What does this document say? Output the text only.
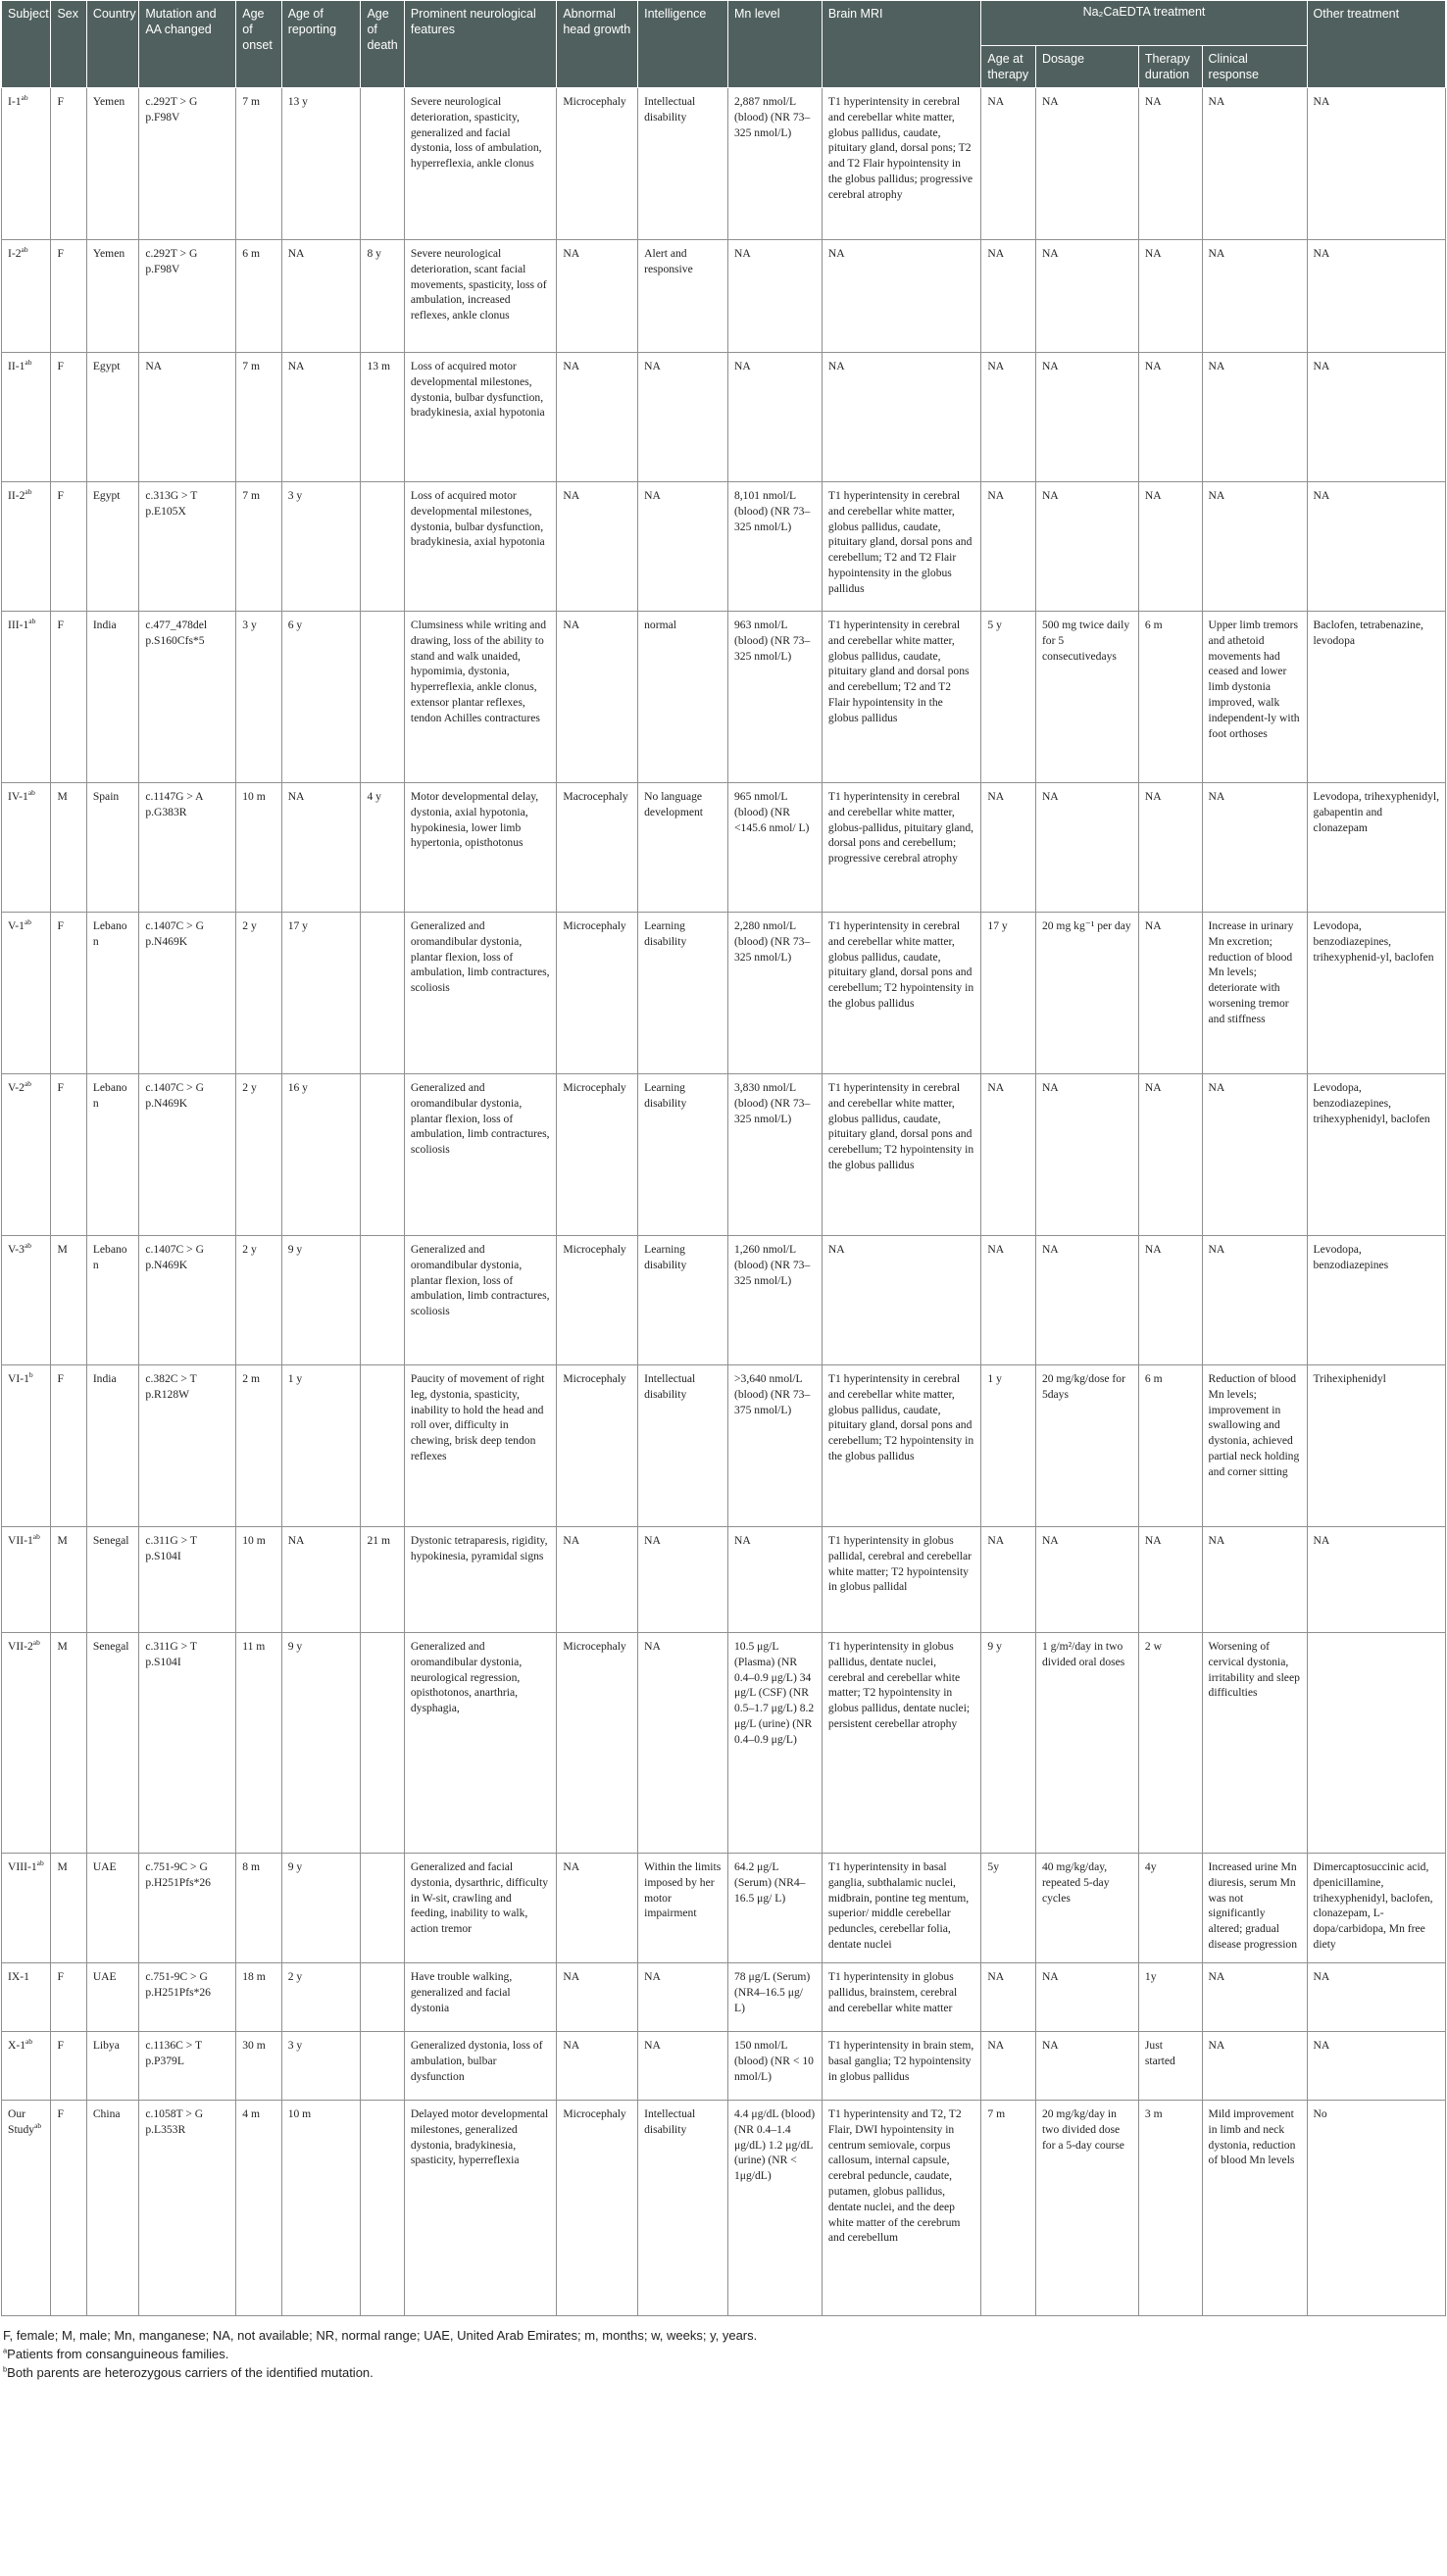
Subject	Sex	Country	Mutation and AA changed	Age of onset	Age of reporting	Age of death	Prominent neurological features	Abnormal head growth	Intelligence	Mn level	Brain MRI	Na₂CaEDTA treatment				Other treatment
												Age at therapy	Dosage	Therapy duration	Clinical response	
$I-1^{ab}$	F	Yemen	c.292T > G
p.F98V	7 m	13 y		Severe neurological deterioration, spasticity, generalized and facial dystonia, loss of ambulation, hyperreflexia, ankle clonus	Microcephaly	Intellectual disability	2,887 nmol/L (blood) (NR 73–325 nmol/L)	T1 hyperintensity in cerebral and cerebellar white matter, globus pallidus, caudate, pituitary gland, dorsal pons; T2 and T2 Flair hypointensity in the globus pallidus; progressive cerebral atrophy	NA	NA	NA	NA	NA
$I-2^{ab}$	F	Yemen	c.292T > G
p.F98V	6 m	NA	8 y	Severe neurological deterioration, scant facial movements, spasticity, loss of ambulation, increased reflexes, ankle clonus	NA	Alert and responsive	NA	NA	NA	NA	NA	NA	NA
$II-1^{ab}$	F	Egypt	NA	7 m	NA	13 m	Loss of acquired motor developmental milestones, dystonia, bulbar dysfunction, bradykinesia, axial hypotonia	NA	NA	NA	NA	NA	NA	NA	NA	NA
$II-2^{ab}$	F	Egypt	c.313G > T
p.E105X	7 m	3 y		Loss of acquired motor developmental milestones, dystonia, bulbar dysfunction, bradykinesia, axial hypotonia	NA	NA	8,101 nmol/L (blood) (NR 73–325 nmol/L)	T1 hyperintensity in cerebral and cerebellar white matter, globus pallidus, caudate, pituitary gland, dorsal pons and cerebellum; T2 and T2 Flair hypointensity in the globus pallidus	NA	NA	NA	NA	NA
III-$1^{ab}$	F	India	c.477_478del
p.S160Cfs*5	3 y	6 y		Clumsiness while writing and drawing, loss of the ability to stand and walk unaided, hypomimia, dystonia, hyperreflexia, ankle clonus, extensor plantar reflexes, tendon Achilles contractures	NA	normal	963 nmol/L (blood) (NR 73–325 nmol/L)	T1 hyperintensity in cerebral and cerebellar white matter, globus pallidus, caudate, pituitary gland and dorsal pons and cerebellum; T2 and T2 Flair hypointensity in the globus pallidus	5 y	500 mg twice daily for 5 consecutivedays	6 m	Upper limb tremors and athetoid movements had ceased and lower limb dystonia improved, walk independent-ly with foot orthoses	Baclofen, tetrabenazine, levodopa
$IV-1^{ab}$	M	Spain	c.1147G > A
p.G383R	10 m	NA	4 y	Motor developmental delay, dystonia, axial hypotonia, hypokinesia, lower limb hypertonia, opisthotonus	Macrocephaly	No language development	965 nmol/L (blood) (NR <145.6 nmol/ L)	T1 hyperintensity in cerebral and cerebellar white matter, globus-pallidus, pituitary gland, dorsal pons and cerebellum; progressive cerebral atrophy	NA	NA	NA	NA	Levodopa, trihexyphenidyl, gabapentin and clonazepam
$V-1^{ab}$	F	Lebanon	c.1407C > G
p.N469K	2 y	17 y		Generalized and oromandibular dystonia, plantar flexion, loss of ambulation, limb contractures, scoliosis	Microcephaly	Learning disability	2,280 nmol/L (blood) (NR 73–325 nmol/L)	T1 hyperintensity in cerebral and cerebellar white matter, globus pallidus, caudate, pituitary gland, dorsal pons and cerebellum; T2 hypointensity in the globus pallidus	17 y	20 mg kg⁻¹ per day	NA	Increase in urinary Mn excretion; reduction of blood Mn levels; deteriorate with worsening tremor and stiffness	Levodopa, benzodiazepines, trihexyphenid-yl, baclofen
$V-2^{ab}$	F	Lebanon	c.1407C > G
p.N469K	2 y	16 y		Generalized and oromandibular dystonia, plantar flexion, loss of ambulation, limb contractures, scoliosis	Microcephaly	Learning disability	3,830 nmol/L (blood) (NR 73–325 nmol/L)	T1 hyperintensity in cerebral and cerebellar white matter, globus pallidus, caudate, pituitary gland, dorsal pons and cerebellum; T2 hypointensity in the globus pallidus	NA	NA	NA	NA	Levodopa, benzodiazepines, trihexyphenidyl, baclofen
$V-3^{ab}$	M	Lebanon	c.1407C > G
p.N469K	2 y	9 y		Generalized and oromandibular dystonia, plantar flexion, loss of ambulation, limb contractures, scoliosis	Microcephaly	Learning disability	1,260 nmol/L (blood) (NR 73–325 nmol/L)	NA	NA	NA	NA	NA	Levodopa, benzodiazepines
VI-1$^b$	F	India	c.382C > T
p.R128W	2 m	1 y		Paucity of movement of right leg, dystonia, spasticity, inability to hold the head and roll over, difficulty in chewing, brisk deep tendon reflexes	Microcephaly	Intellectual disability	>3,640 nmol/L (blood) (NR 73–375 nmol/L)	T1 hyperintensity in cerebral and cerebellar white matter, globus pallidus, caudate, pituitary gland, dorsal pons and cerebellum; T2 hypointensity in the globus pallidus	1 y	20 mg/kg/dose for 5days	6 m	Reduction of blood Mn levels; improvement in swallowing and dystonia, achieved partial neck holding and corner sitting	Trihexiphenidyl
VII-$1^{ab}$	M	Senegal	c.311G > T
p.S104I	10 m	NA	21 m	Dystonic tetraparesis, rigidity, hypokinesia, pyramidal signs	NA	NA	NA	T1 hyperintensity in globus pallidal, cerebral and cerebellar white matter; T2 hypointensity in globus pallidal	NA	NA	NA	NA	NA
VII-$2^{ab}$	M	Senegal	c.311G > T
p.S104I	11 m	9 y		Generalized and oromandibular dystonia, neurological regression, opisthotonos, anarthria, dysphagia,	Microcephaly	NA	10.5 μg/L (Plasma) (NR 0.4–0.9 μg/L) 34 μg/L (CSF) (NR 0.5–1.7 μg/L) 8.2 μg/L (urine) (NR 0.4–0.9 μg/L)	T1 hyperintensity in globus pallidus, dentate nuclei, cerebral and cerebellar white matter; T2 hypointensity in globus pallidus, dentate nuclei; persistent cerebellar atrophy	9 y	1 g/m²/day in two divided oral doses	2 w	Worsening of cervical dystonia, irritability and sleep difficulties	
VIII-$1^{ab}$	M	UAE	c.751-9C > G
p.H251Pfs*26	8 m	9 y		Generalized and facial dystonia, dysarthric, difficulty in W-sit, crawling and feeding, inability to walk, action tremor	NA	Within the limits imposed by her motor impairment	64.2 μg/L (Serum) (NR4–16.5 μg/ L)	T1 hyperintensity in basal ganglia, subthalamic nuclei, midbrain, pontine teg mentum, superior/ middle cerebellar peduncles, cerebellar folia, dentate nuclei	5y	40 mg/kg/day, repeated 5-day cycles	4y	Increased urine Mn diuresis, serum Mn was not significantly altered; gradual disease progression	Dimercaptosuccinic acid, dpenicillamine, trihexyphenidyl, baclofen, clonazepam, L-dopa/carbidopa, Mn free diety
IX-1	F	UAE	c.751-9C > G
p.H251Pfs*26	18 m	2 y		Have trouble walking, generalized and facial dystonia	NA	NA	78 μg/L (Serum) (NR4–16.5 μg/ L)	T1 hyperintensity in globus pallidus, brainstem, cerebral and cerebellar white matter	NA	NA	1y	NA	NA
$X-1^{ab}$	F	Libya	c.1136C > T
p.P379L	30 m	3 y		Generalized dystonia, loss of ambulation, bulbar dysfunction	NA	NA	150 nmol/L (blood) (NR < 10 nmol/L)	T1 hyperintensity in brain stem, basal ganglia; T2 hypointensity in globus pallidus	NA	NA	Just started	NA	NA
Our Study$^{ab}$	F	China	c.1058T > G
p.L353R	4 m	10 m		Delayed motor developmental milestones, generalized dystonia, bradykinesia, spasticity, hyperreflexia	Microcephaly	Intellectual disability	4.4 μg/dL (blood) (NR 0.4–1.4 μg/dL) 1.2 μg/dL (urine) (NR < 1μg/dL)	T1 hyperintensity and T2, T2 Flair, DWI hypointensity in centrum semiovale, corpus callosum, internal capsule, cerebral peduncle, caudate, putamen, globus pallidus, dentate nuclei, and the deep white matter of the cerebrum and cerebellum	7 m	20 mg/kg/day in two divided dose for a 5-day course	3 m	Mild improvement in limb and neck dystonia, reduction of blood Mn levels	No
F, female; M, male; Mn, manganese; NA, not available; NR, normal range; UAE, United Arab Emirates; m, months; w, weeks; y, years.
$^a$Patients from consanguineous families.
$^b$Both parents are heterozygous carriers of the identified mutation.
